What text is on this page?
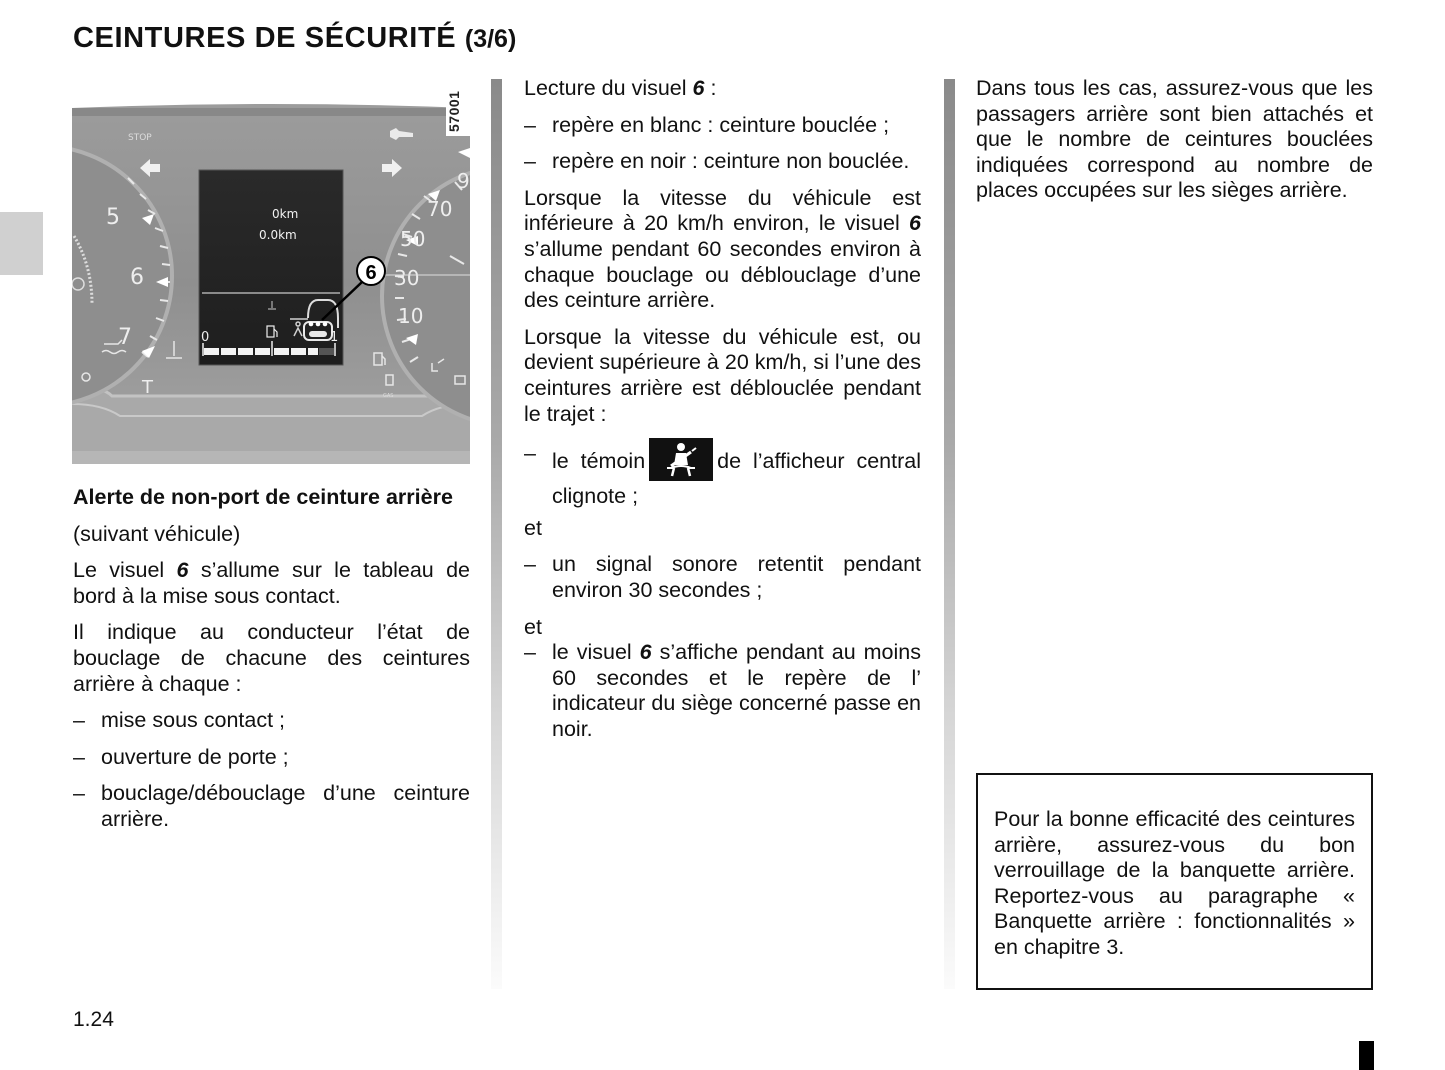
CEINTURES DE SÉCURITÉ (3/6)
5
6
7
9
70
50
30
10
STOP
T	GAS
0km
0.0km
0	1
6
57001

Alerte de non-port de ceinture arrière

(suivant véhicule)

Le visuel 6 s’allume sur le tableau de bord à la mise sous contact.

Il indique au conducteur l’état de bouclage de chacune des ceintures arrière à chaque :

– mise sous contact ;
– ouverture de porte ;
– bouclage/débouclage d’une ceinture arrière.

Lecture du visuel 6 :

– repère en blanc : ceinture bouclée ;
– repère en noir : ceinture non bouclée.

Lorsque la vitesse du véhicule est inférieure à 20 km/h environ, le visuel 6 s’allume pendant 60 secondes environ à chaque bouclage ou déblouclage d’une des ceinture arrière.

Lorsque la vitesse du véhicule est, ou devient supérieure à 20 km/h, si l’une des ceintures arrière est déblouclée pendant le trajet :

– le témoin	de l’afficheur central clignote ;

et

– un signal sonore retentit pendant environ 30 secondes ;

et

– le visuel 6 s’affiche pendant au moins 60 secondes et le repère de l’ indicateur du siège concerné passe en noir.

Dans tous les cas, assurez-vous que les passagers arrière sont bien attachés et que le nombre de ceintures bouclées indiquées correspond au nombre de places occupées sur les sièges arrière.

Pour la bonne efficacité des ceintures arrière, assurez-vous du bon verrouillage de la banquette arrière. Reportez-vous au paragraphe « Banquette arrière : fonctionnalités » en chapitre 3.

1.24
